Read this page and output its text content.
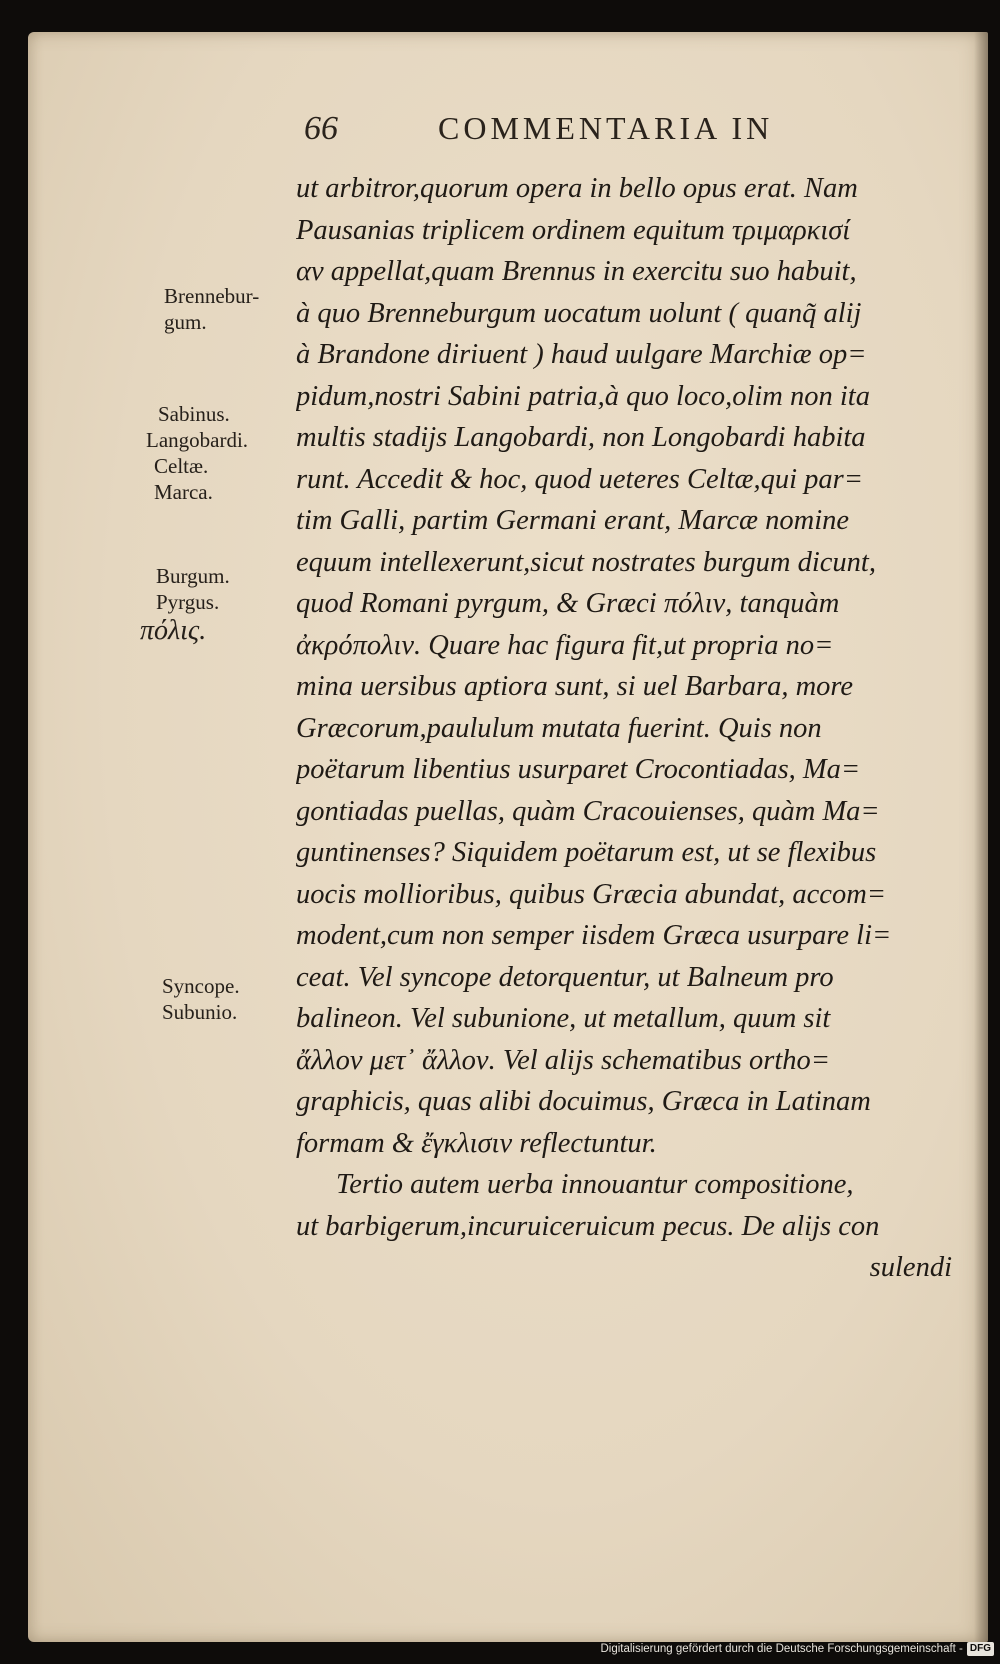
66	COMMENTARIA IN

Brennebur-

gum.

Sabinus.

Langobardi.

Celtæ.

Marca.

Burgum.

Pyrgus.

πόλις.

Syncope.

Subunio.

ut arbitror,quorum opera in bello opus erat. Nam
Pausanias triplicem ordinem equitum τριμαρκισί
αν appellat,quam Brennus in exercitu suo habuit,
à quo Brenneburgum uocatum uolunt ( quanq̃ alij
à Brandone diriuent ) haud uulgare Marchiæ op=
pidum,nostri Sabini patria,à quo loco,olim non ita
multis stadijs Langobardi, non Longobardi habita
runt. Accedit & hoc, quod ueteres Celtæ,qui par=
tim Galli, partim Germani erant, Marcæ nomine
equum intellexerunt,sicut nostrates burgum dicunt,
quod Romani pyrgum, & Græci πόλιν, tanquàm
ἀκρόπολιν. Quare hac figura fit,ut propria no=
mina uersibus aptiora sunt, si uel Barbara, more
Græcorum,paululum mutata fuerint. Quis non
poëtarum libentius usurparet Crocontiadas, Ma=
gontiadas puellas, quàm Cracouienses, quàm Ma=
guntinenses? Siquidem poëtarum est, ut se flexibus
uocis mollioribus, quibus Græcia abundat, accom=
modent,cum non semper iisdem Græca usurpare li=
ceat. Vel syncope detorquentur, ut Balneum pro
balineon. Vel subunione, ut metallum, quum sit
ἄλλον μετ᾿ ἄλλον. Vel alijs schematibus ortho=
graphicis, quas alibi docuimus, Græca in Latinam
formam & ἔγκλισιν reflectuntur.
Tertio autem uerba innouantur compositione,
ut barbigerum,incuruiceruicum pecus. De alijs con
sulendi
Digitalisierung gefördert durch die Deutsche Forschungsgemeinschaft - DFG
